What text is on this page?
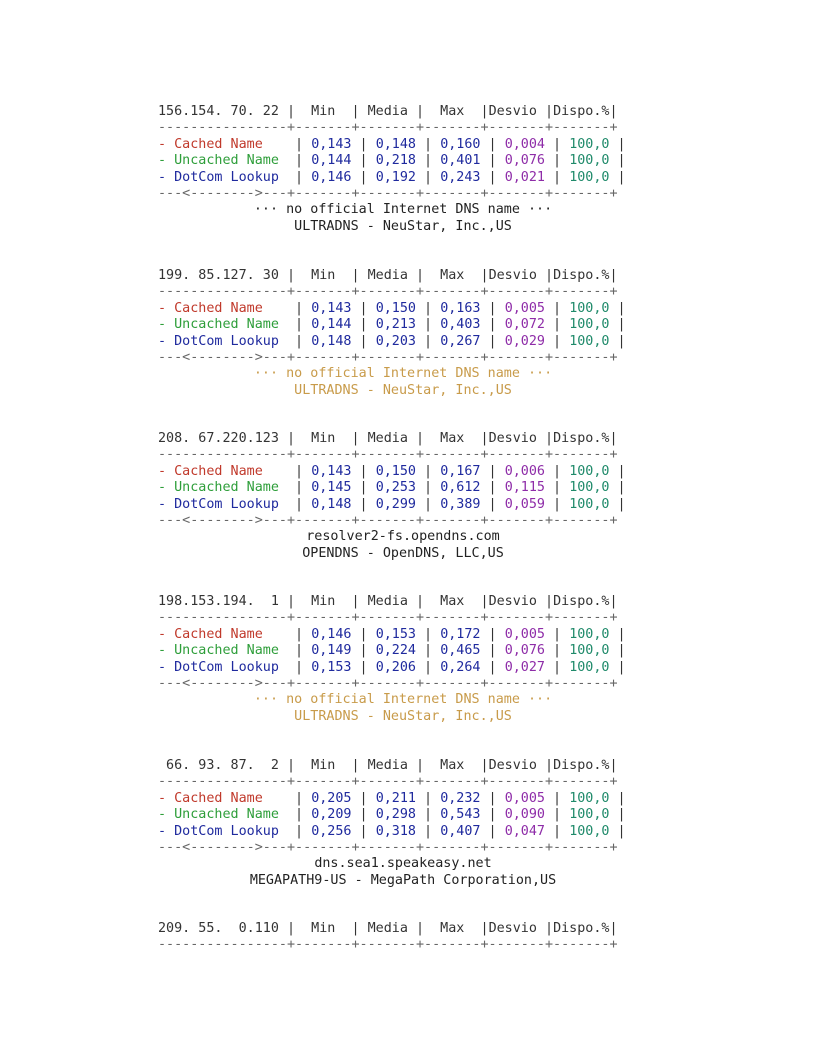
156.154. 70. 22 |  Min  | Media |  Max  |Desvio |Dispo.%|
----------------+-------+-------+-------+-------+-------+
- Cached Name    | 0,143 | 0,148 | 0,160 | 0,004 | 100,0 |
- Uncached Name  | 0,144 | 0,218 | 0,401 | 0,076 | 100,0 |
- DotCom Lookup  | 0,146 | 0,192 | 0,243 | 0,021 | 100,0 |
---<-------->---+-------+-------+-------+-------+-------+
··· no official Internet DNS name ···
ULTRADNS - NeuStar, Inc.,US
199. 85.127. 30 |  Min  | Media |  Max  |Desvio |Dispo.%|
----------------+-------+-------+-------+-------+-------+
- Cached Name    | 0,143 | 0,150 | 0,163 | 0,005 | 100,0 |
- Uncached Name  | 0,144 | 0,213 | 0,403 | 0,072 | 100,0 |
- DotCom Lookup  | 0,148 | 0,203 | 0,267 | 0,029 | 100,0 |
---<-------->---+-------+-------+-------+-------+-------+
··· no official Internet DNS name ···
ULTRADNS - NeuStar, Inc.,US
208. 67.220.123 |  Min  | Media |  Max  |Desvio |Dispo.%|
----------------+-------+-------+-------+-------+-------+
- Cached Name    | 0,143 | 0,150 | 0,167 | 0,006 | 100,0 |
- Uncached Name  | 0,145 | 0,253 | 0,612 | 0,115 | 100,0 |
- DotCom Lookup  | 0,148 | 0,299 | 0,389 | 0,059 | 100,0 |
---<-------->---+-------+-------+-------+-------+-------+
resolver2-fs.opendns.com
OPENDNS - OpenDNS, LLC,US
198.153.194.  1 |  Min  | Media |  Max  |Desvio |Dispo.%|
----------------+-------+-------+-------+-------+-------+
- Cached Name    | 0,146 | 0,153 | 0,172 | 0,005 | 100,0 |
- Uncached Name  | 0,149 | 0,224 | 0,465 | 0,076 | 100,0 |
- DotCom Lookup  | 0,153 | 0,206 | 0,264 | 0,027 | 100,0 |
---<-------->---+-------+-------+-------+-------+-------+
··· no official Internet DNS name ···
ULTRADNS - NeuStar, Inc.,US
66. 93. 87.  2 |  Min  | Media |  Max  |Desvio |Dispo.%|
----------------+-------+-------+-------+-------+-------+
- Cached Name    | 0,205 | 0,211 | 0,232 | 0,005 | 100,0 |
- Uncached Name  | 0,209 | 0,298 | 0,543 | 0,090 | 100,0 |
- DotCom Lookup  | 0,256 | 0,318 | 0,407 | 0,047 | 100,0 |
---<-------->---+-------+-------+-------+-------+-------+
dns.sea1.speakeasy.net
MEGAPATH9-US - MegaPath Corporation,US
209. 55.  0.110 |  Min  | Media |  Max  |Desvio |Dispo.%|
----------------+-------+-------+-------+-------+-------+
